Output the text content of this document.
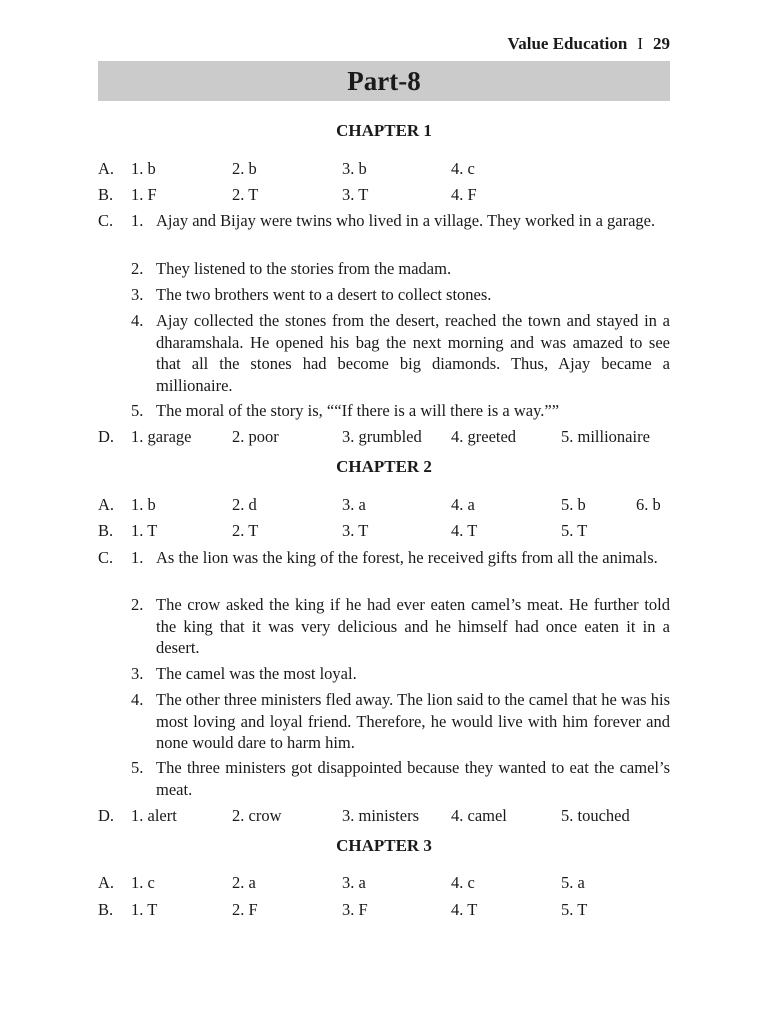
Value Education I 29
Part-8
CHAPTER 1
A. 1. b	2. b	3. b	4. c
B. 1. F	2. T	3. T	4. F
C. 1. Ajay and Bijay were twins who lived in a village. They worked in a garage.
2. They listened to the stories from the madam.
3. The two brothers went to a desert to collect stones.
4. Ajay collected the stones from the desert, reached the town and stayed in a dharamshala. He opened his bag the next morning and was amazed to see that all the stones had become big diamonds. Thus, Ajay became a millionaire.
5. The moral of the story is, ““If there is a will there is a way.””
D. 1. garage 2. poor	3. grumbled 4. greeted	5. millionaire
CHAPTER 2
A. 1. b	2. d	3. a	4. a	5. b	6. b
B. 1. T	2. T	3. T	4. T	5. T
C. 1. As the lion was the king of the forest, he received gifts from all the animals.
2. The crow asked the king if he had ever eaten camel’s meat. He further told the king that it was very delicious and he himself had once eaten it in a desert.
3. The camel was the most loyal.
4. The other three ministers fled away. The lion said to the camel that he was his most loving and loyal friend. Therefore, he would live with him forever and none would dare to harm him.
5. The three ministers got disappointed because they wanted to eat the camel’s meat.
D. 1. alert	2. crow	3. ministers 4. camel	5. touched
CHAPTER 3
A. 1. c	2. a	3. a	4. c	5. a
B. 1. T	2. F	3. F	4. T	5. T
